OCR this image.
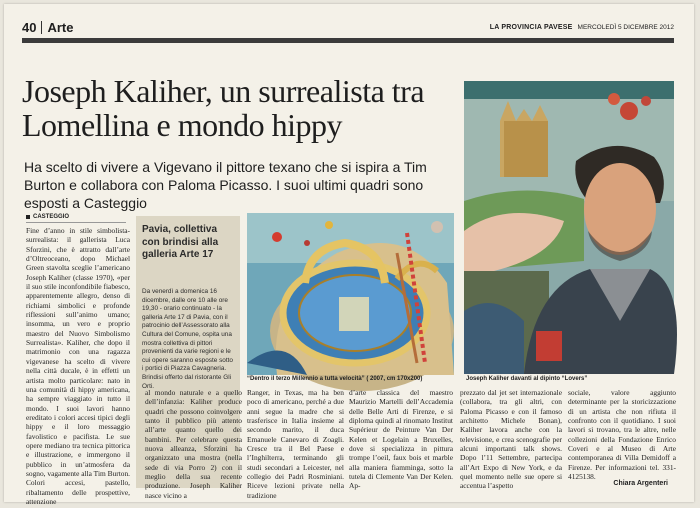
40 Arte	LA PROVINCIA PAVESE MERCOLEDÌ 5 DICEMBRE 2012
Joseph Kaliher, un surrealista tra Lomellina e mondo hippy

Ha scelto di vivere a Vigevano il pittore texano che si ispira a Tim Burton e collabora con Paloma Picasso. I suoi ultimi quadri sono esposti a Casteggio

CASTEGGIO

Fine d’anno in stile simbolista-surrealista: il gallerista Luca Sforzini, che è attratto dall’arte d’Oltreoceano, dopo Michael Green stavolta sceglie l’americano Joseph Kaliher (classe 1970), «per il suo stile inconfondibile fiabesco, apparentemente allegro, denso di richiami simbolici e profonde riflessioni sull’animo umano; insomma, un vero e proprio maestro del Nuovo Simbolismo Surrealista». Kaliher, che dopo il matrimonio con una ragazza vigevanese ha scelto di vivere nella città ducale, è in effetti un artista molto particolare: nato in una comunità di hippy americana, ha sempre viaggiato in tutto il mondo. I suoi lavori hanno ereditato i colori accesi tipici degli hippy e il loro messaggio favolistico e pacifista. Le sue opere mediano tra tecnica pittorica e illustrazione, e immergono il pubblico in un’atmosfera da sogno, vagamente alla Tim Burton. Colori accesi, pastello, ribaltamento delle prospettive, attenzione

Pavia, collettiva con brindisi alla galleria Arte 17

Da venerdì a domenica 16 dicembre, dalle ore 10 alle ore 19,30 - orario continuato - la galleria Arte 17 di Pavia, con il patrocinio dell’Assessorato alla Cultura del Comune, ospita una mostra collettiva di pittori provenienti da varie regioni e le cui opere saranno esposte sotto i portici di Piazza Cavagneria. Brindisi offerto dal ristorante Gli Orti.

“Dentro il terzo Millennio a tutta velocità” ( 2007, cm 170x200)	Joseph Kaliher davanti al dipinto “Lovers”

al mondo naturale e a quello dell’infanzia: Kaliher produce quadri che possono coinvolgere tanto il pubblico più attento all’arte quanto quello dei bambini. Per celebrare questa nuova alleanza, Sforzini ha organizzato una mostra (nella sede di via Porro 2) con il meglio della sua recente produzione. Joseph Kaliher nasce vicino a

Ranger, in Texas, ma ha ben poco di americano, perché a due anni segue la madre che si trasferisce in Italia insieme al secondo marito, il duca Emanuele Canevaro di Zoagli. Cresce tra il Bel Paese e l’Inghilterra, terminando gli studi secondari a Leicester, nel collegio dei Padri Rosminiani. Riceve lezioni private nella tradizione

d’arte classica del maestro Maurizio Martelli dell’Accademia delle Belle Arti di Firenze, e si diploma quindi al rinomato Institut Supérieur de Peinture Van Der Kelen et Logelain a Bruxelles, dove si specializza in pittura trompe l’oeil, faux bois et marble alla maniera fiamminga, sotto la tutela di Clemente Van Der Kelen. Ap-

prezzato dal jet set internazionale (collabora, tra gli altri, con Paloma Picasso e con il famoso architetto Michele Bonan), Kaliher lavora anche con la televisione, e crea scenografie per alcuni importanti talk shows. Dopo l’11 Settembre, partecipa all’Art Expo di New York, e da quel momento nelle sue opere si accentua l’aspetto

sociale, valore aggiunto determinante per la storicizzazione di un artista che non rifiuta il confronto con il quotidiano. I suoi lavori si trovano, tra le altre, nelle collezioni della Fondazione Enrico Coveri e al Museo di Arte contemporanea di Villa Demidoff a Firenze. Per informazioni tel. 331-4125138.

Chiara Argenteri
